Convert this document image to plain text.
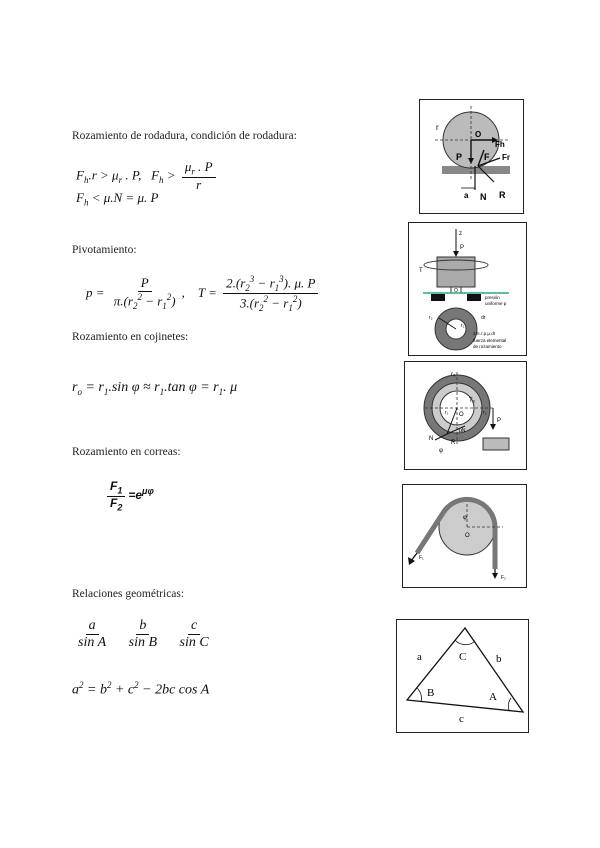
Rozamiento de rodadura, condición de rodadura:
$F_h.r > \mu_r$ . P,   $F_h > \frac{\mu_r . P}{r}$
$F_h < \mu.N = \mu$. P
r
O
P
Fh
F Fr
a N R
Pivotamiento:
$p = \frac{P}{\pi.(r_2^2 - r_1^2)}$ ,    $T = \frac{2.(r_2^3 - r_1^3). \mu. P}{3.(r_2^2 - r_1^2)}$
z
P
T
O
presión
uniforme p
dr
r₂
r₁
2.π.r.p.μ.dr
fuerza elemental
de rozamiento
Rozamiento en cojinetes:
$r_o = r_1.\sin$ $\varphi \approx r_1.\tan$ $\varphi = r_1$. μ
r₀
T₀
r₁	r₂
O
μN
N
R
φ
P
Rozamiento en correas:
$\frac{F_1}{F_2} =e^{\mu\varphi}$
φ
O
F₁
F₂
Relaciones geométricas:
$\frac{a}{\text{sin A}}$
$\frac{b}{\text{sin B}}$
$\frac{c}{\text{sin C}}$
$a^2 = b^2 + c^2 - 2bc$ cos A
a	b
c
C
B	A
